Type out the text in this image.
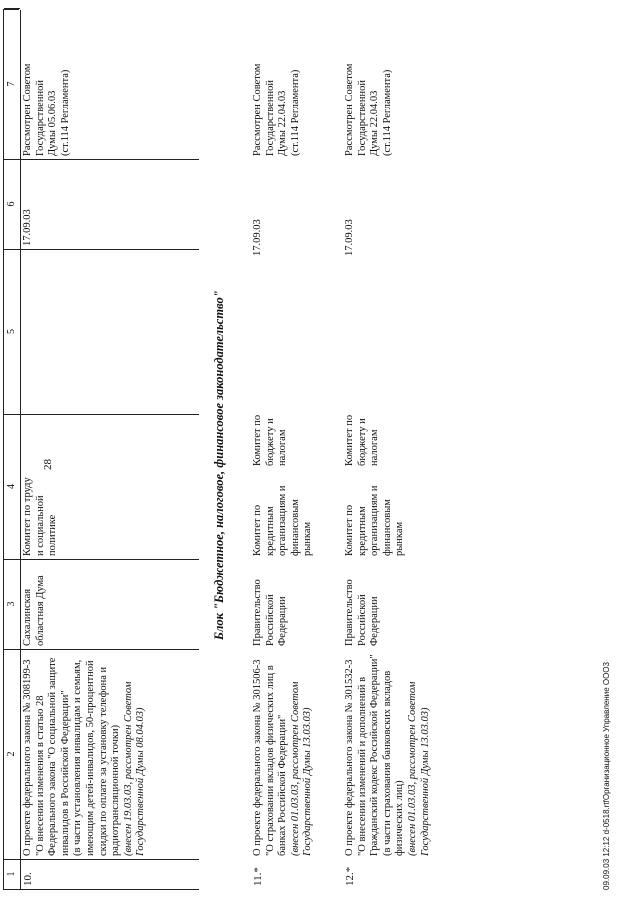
28
1
2
3
4
5
6
7
10.
О проекте федерального закона № 308199-3 "О внесении изменения в статью 28 Федерального закона "О социальной защите инвалидов в Российской Федерации" (в части установления инвалидам и семьям, имеющим детей-инвалидов, 50-процентной скидки по оплате за установку телефона и радиотрансляционной точки) (внесен 19.03.03, рассмотрен Советом Государственной Думы 08.04.03)
Сахалинская областная Дума
Комитет по труду и социальной политике
17.09.03
Рассмотрен Советом Государственной Думы 05.06.03 (ст.114 Регламента)
Блок "Бюджетное, налоговое, финансовое законодательство"
11.*
О проекте федерального закона № 301506-3 "О страховании вкладов физических лиц в банках Российской Федерации" (внесен 01.03.03, рассмотрен Советом Государственной Думы 13.03.03)
Правительство Российской Федерации
Комитет по кредитным организациям и финансовым рынкам
Комитет по бюджету и налогам
17.09.03
Рассмотрен Советом Государственной Думы 22.04.03 (ст.114 Регламента)
12.*
О проекте федерального закона № 301532-3 "О внесении изменений и дополнений в Гражданский кодекс Российской Федерации" (в части страхования банковских вкладов физических лиц) (внесен 01.03.03, рассмотрен Советом Государственной Думы 13.03.03)
Правительство Российской Федерации
Комитет по кредитным организациям и финансовым рынкам
Комитет по бюджету и налогам
17.09.03
Рассмотрен Советом Государственной Думы 22.04.03 (ст.114 Регламента)
09.09.03 12:12 d-0518.rtfОрганизационное Управление ООО3
